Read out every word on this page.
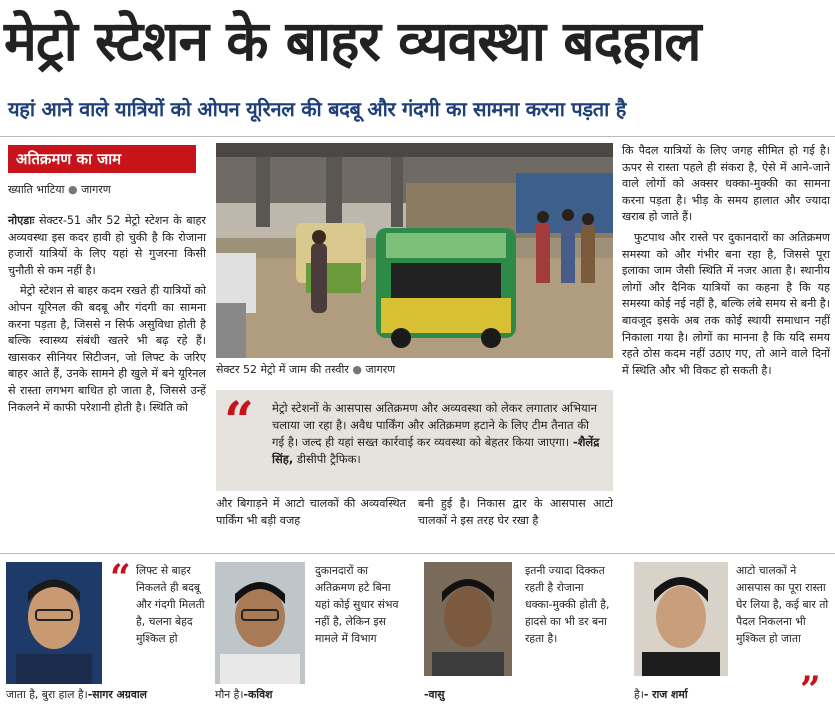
मेट्रो स्टेशन के बाहर व्यवस्था बदहाल
यहां आने वाले यात्रियों को ओपन यूरिनल की बदबू और गंदगी का सामना करना पड़ता है
अतिक्रमण का जाम
ख्याति भाटिया ● जागरण

नोएडाः सेक्टर-51 और 52 मेट्रो स्टेशन के बाहर अव्यवस्था इस कदर हावी हो चुकी है कि रोजाना हजारों यात्रियों के लिए यहां से गुजरना किसी चुनौती से कम नहीं है।

मेट्रो स्टेशन से बाहर कदम रखते ही यात्रियों को ओपन यूरिनल की बदबू और गंदगी का सामना करना पड़ता है, जिससे न सिर्फ असुविधा होती है बल्कि स्वास्थ्य संबंधी खतरे भी बढ़ रहे हैं। खासकर सीनियर सिटीजन, जो लिफ्ट के जरिए बाहर आते हैं, उनके सामने ही खुले में बने यूरिनल से रास्ता लगभग बाधित हो जाता है, जिससे उन्हें निकलने में काफी परेशानी होती है। स्थिति को

सेक्टर 52 मेट्रो में जाम की तस्वीर ● जागरण
“ मेट्रो स्टेशनों के आसपास अतिक्रमण और अव्यवस्था को लेकर लगातार अभियान चलाया जा रहा है। अवैध पार्किंग और अतिक्रमण हटाने के लिए टीम तैनात की गई है। जल्द ही यहां सख्त कार्रवाई कर व्यवस्था को बेहतर किया जाएगा। -शैलेंद्र सिंह, डीसीपी ट्रैफिक।
और बिगाड़ने में आटो चालकों की अव्यवस्थित पार्किंग भी बड़ी वजह
बनी हुई है। निकास द्वार के आसपास आटो चालकों ने इस तरह घेर रखा है

कि पैदल यात्रियों के लिए जगह सीमित हो गई है। ऊपर से रास्ता पहले ही संकरा है, ऐसे में आने-जाने वाले लोगों को अक्सर धक्का-मुक्की का सामना करना पड़ता है। भीड़ के समय हालात और ज्यादा खराब हो जाते हैं।

फुटपाथ और रास्ते पर दुकानदारों का अतिक्रमण समस्या को और गंभीर बना रहा है, जिससे पूरा इलाका जाम जैसी स्थिति में नजर आता है। स्थानीय लोगों और दैनिक यात्रियों का कहना है कि यह समस्या कोई नई नहीं है, बल्कि लंबे समय से बनी है। बावजूद इसके अब तक कोई स्थायी समाधान नहीं निकाला गया है। लोगों का मानना है कि यदि समय रहते ठोस कदम नहीं उठाए गए, तो आने वाले दिनों में स्थिति और भी विकट हो सकती है।

“ लिफ्ट से बाहर निकलते ही बदबू और गंदगी मिलती है, चलना बेहद मुश्किल हो
जाता है, बुरा हाल है।-सागर अग्रवाल
दुकानदारों का अतिक्रमण हटे बिना यहां कोई सुधार संभव नहीं है, लेकिन इस मामले में विभाग
मौन है।-कविश
इतनी ज्यादा दिक्कत रहती है रोजाना धक्का-मुक्की होती है, हादसे का भी डर बना रहता है।
-वासु
आटो चालकों ने आसपास का पूरा रास्ता घेर लिया है, कई बार तो पैदल निकलना भी मुश्किल हो जाता
है।- राज शर्मा	”
